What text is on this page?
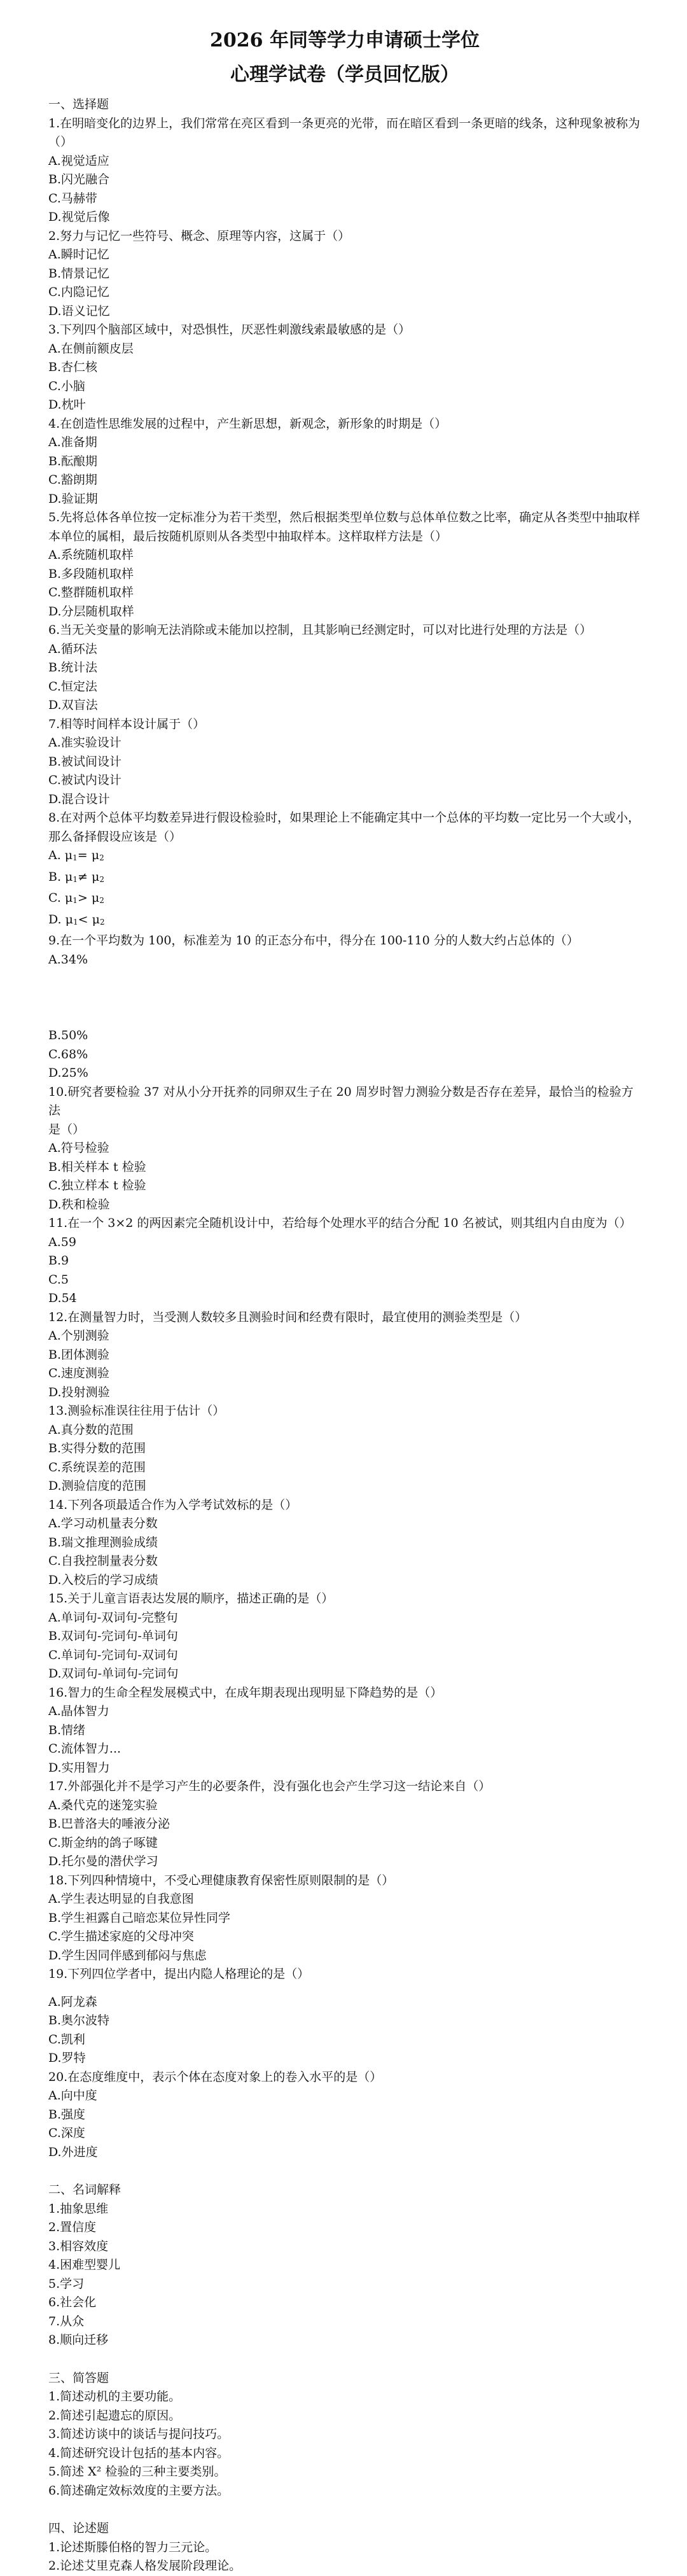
2026 年同等学力申请硕士学位
心理学试卷（学员回忆版）
一、选择题
1.在明暗变化的边界上，我们常常在亮区看到一条更亮的光带，而在暗区看到一条更暗的线条，这种现象被称为
（）
A.视觉适应
B.闪光融合
C.马赫带
D.视觉后像
2.努力与记忆一些符号、概念、原理等内容，这属于（）
A.瞬时记忆
B.情景记忆
C.内隐记忆
D.语义记忆
3.下列四个脑部区域中，对恐惧性，厌恶性刺激线索最敏感的是（）
A.在侧前额皮层
B.杏仁核
C.小脑
D.枕叶
4.在创造性思维发展的过程中，产生新思想，新观念，新形象的时期是（）
A.准备期
B.酝酿期
C.豁朗期
D.验证期
5.先将总体各单位按一定标准分为若干类型，然后根据类型单位数与总体单位数之比率，确定从各类型中抽取样
本单位的属相，最后按随机原则从各类型中抽取样本。这样取样方法是（）
A.系统随机取样
B.多段随机取样
C.整群随机取样
D.分层随机取样
6.当无关变量的影响无法消除或未能加以控制，且其影响已经测定时，可以对比进行处理的方法是（）
A.循环法
B.统计法
C.恒定法
D.双盲法
7.相等时间样本设计属于（）
A.准实验设计
B.被试间设计
C.被试内设计
D.混合设计
8.在对两个总体平均数差异进行假设检验时，如果理论上不能确定其中一个总体的平均数一定比另一个大或小，
那么备择假设应该是（）
A. $\mu_1= \mu_2$
B. $\mu_1\ne \mu_2$
C. $\mu_1> \mu_2$
D. $\mu_1< \mu_2$
9.在一个平均数为 100，标准差为 10 的正态分布中，得分在 100-110 分的人数大约占总体的（）
A.34%
B.50%
C.68%
D.25%
10.研究者要检验 37 对从小分开抚养的同卵双生子在 20 周岁时智力测验分数是否存在差异，最恰当的检验方法
是（）
A.符号检验
B.相关样本 t 检验
C.独立样本 t 检验
D.秩和检验
11.在一个 3×2 的两因素完全随机设计中，若给每个处理水平的结合分配 10 名被试，则其组内自由度为（）
A.59
B.9
C.5
D.54
12.在测量智力时，当受测人数较多且测验时间和经费有限时，最宜使用的测验类型是（）
A.个别测验
B.团体测验
C.速度测验
D.投射测验
13.测验标准误往往用于估计（）
A.真分数的范围
B.实得分数的范围
C.系统误差的范围
D.测验信度的范围
14.下列各项最适合作为入学考试效标的是（）
A.学习动机量表分数
B.瑞文推理测验成绩
C.自我控制量表分数
D.入校后的学习成绩
15.关于儿童言语表达发展的顺序，描述正确的是（）
A.单词句-双词句-完整句
B.双词句-完词句-单词句
C.单词句-完词句-双词句
D.双词句-单词句-完词句
16.智力的生命全程发展模式中，在成年期表现出现明显下降趋势的是（）
A.晶体智力
B.情绪
C.流体智力...
D.实用智力
17.外部强化并不是学习产生的必要条件，没有强化也会产生学习这一结论来自（）
A.桑代克的迷笼实验
B.巴普洛夫的唾液分泌
C.斯金纳的鸽子啄键
D.托尔曼的潜伏学习
18.下列四种情境中，不受心理健康教育保密性原则限制的是（）
A.学生表达明显的自我意图
B.学生袒露自己暗恋某位异性同学
C.学生描述家庭的父母冲突
D.学生因同伴感到郁闷与焦虑
19.下列四位学者中，提出内隐人格理论的是（）
A.阿龙森
B.奥尔波特
C.凯利
D.罗特
20.在态度维度中，表示个体在态度对象上的卷入水平的是（）
A.向中度
B.强度
C.深度
D.外进度
二、名词解释
1.抽象思维
2.置信度
3.相容效度
4.困难型婴儿
5.学习
6.社会化
7.从众
8.顺向迁移
三、简答题
1.简述动机的主要功能。
2.简述引起遗忘的原因。
3.简述访谈中的谈话与提问技巧。
4.简述研究设计包括的基本内容。
5.简述 X² 检验的三种主要类别。
6.简述确定效标效度的主要方法。
四、论述题
1.论述斯滕伯格的智力三元论。
2.论述艾里克森人格发展阶段理论。
